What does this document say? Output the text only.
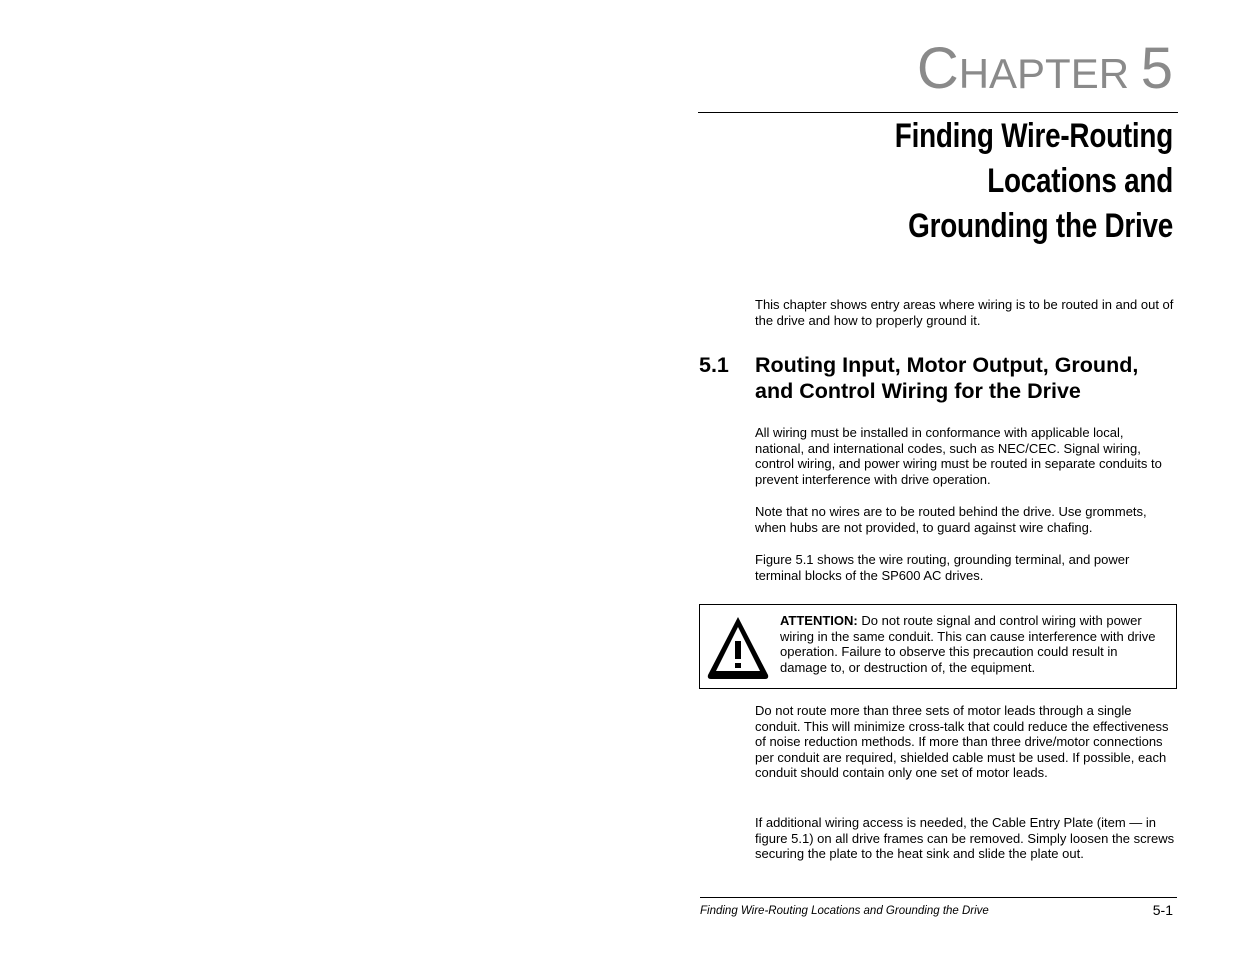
CHAPTER 5
Finding Wire-Routing
Locations and
Grounding the Drive
This chapter shows entry areas where wiring is to be routed in and out of the drive and how to properly ground it.
5.1 Routing Input, Motor Output, Ground, and Control Wiring for the Drive
All wiring must be installed in conformance with applicable local, national, and international codes, such as NEC/CEC. Signal wiring, control wiring, and power wiring must be routed in separate conduits to prevent interference with drive operation.
Note that no wires are to be routed behind the drive. Use grommets, when hubs are not provided, to guard against wire chafing.
Figure 5.1 shows the wire routing, grounding terminal, and power terminal blocks of the SP600 AC drives.
ATTENTION: Do not route signal and control wiring with power wiring in the same conduit. This can cause interference with drive operation. Failure to observe this precaution could result in damage to, or destruction of, the equipment.
Do not route more than three sets of motor leads through a single conduit. This will minimize cross-talk that could reduce the effectiveness of noise reduction methods. If more than three drive/motor connections per conduit are required, shielded cable must be used. If possible, each conduit should contain only one set of motor leads.
If additional wiring access is needed, the Cable Entry Plate (item — in figure 5.1) on all drive frames can be removed. Simply loosen the screws securing the plate to the heat sink and slide the plate out.
Finding Wire-Routing Locations and Grounding the Drive	5-1
